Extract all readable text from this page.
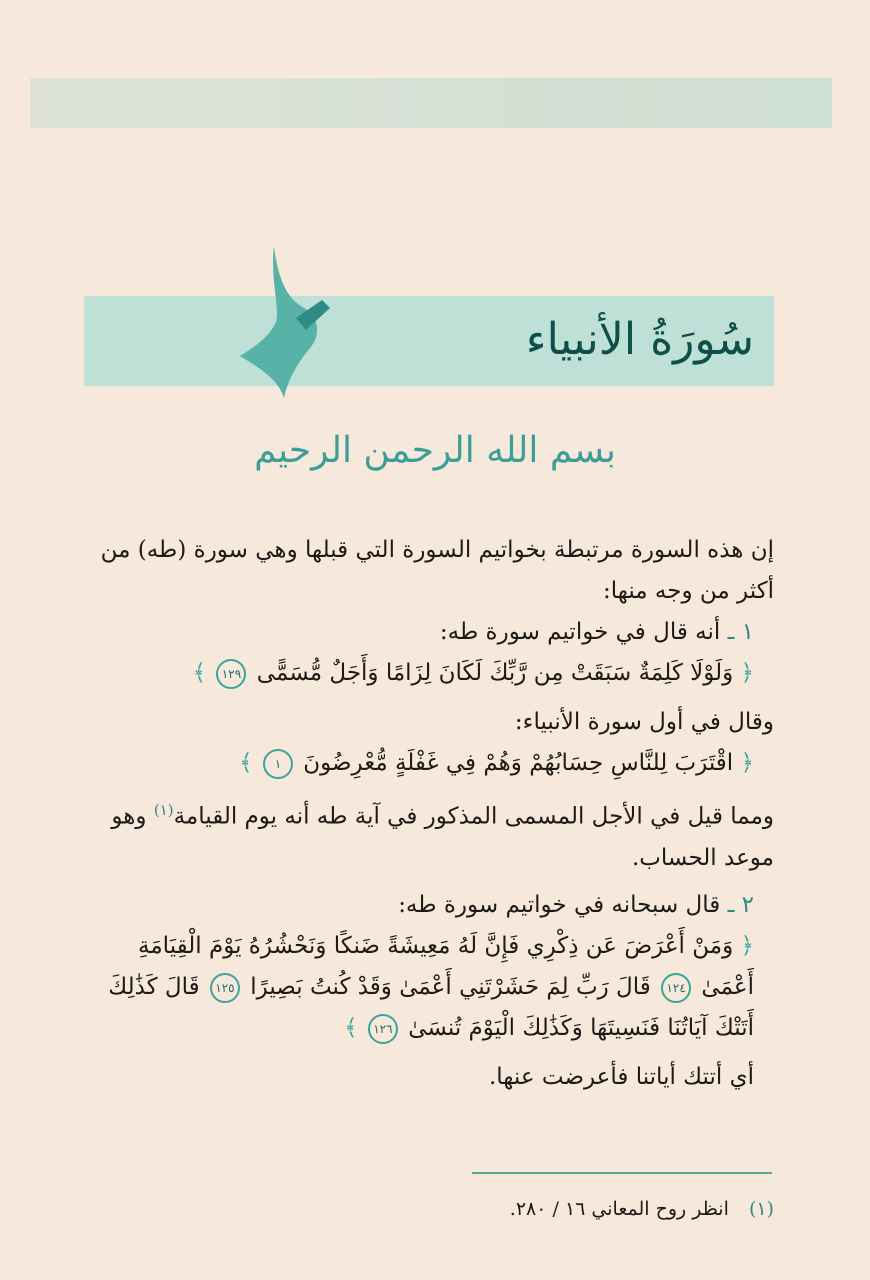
سُورَةُ الأنبياء
بسم الله الرحمن الرحيم

إن هذه السورة مرتبطة بخواتيم السورة التي قبلها وهي سورة (طه) من أكثر من وجه منها:

١ ـ أنه قال في خواتيم سورة طه:

﴿ وَلَوْلَا كَلِمَةٌ سَبَقَتْ مِن رَّبِّكَ لَكَانَ لِزَامًا وَأَجَلٌ مُّسَمًّى ١٢٩ ﴾

وقال في أول سورة الأنبياء:

﴿ اقْتَرَبَ لِلنَّاسِ حِسَابُهُمْ وَهُمْ فِي غَفْلَةٍ مُّعْرِضُونَ ١ ﴾

ومما قيل في الأجل المسمى المذكور في آية طه أنه يوم القيامة$^{(١)}$ وهو موعد الحساب.

٢ ـ قال سبحانه في خواتيم سورة طه:

﴿ وَمَنْ أَعْرَضَ عَن ذِكْرِي فَإِنَّ لَهُ مَعِيشَةً ضَنكًا وَنَحْشُرُهُ يَوْمَ الْقِيَامَةِ أَعْمَىٰ ١٢٤ قَالَ رَبِّ لِمَ حَشَرْتَنِي أَعْمَىٰ وَقَدْ كُنتُ بَصِيرًا ١٢٥ قَالَ كَذَٰلِكَ أَتَتْكَ آيَاتُنَا فَنَسِيتَهَا وَكَذَٰلِكَ الْيَوْمَ تُنسَىٰ ١٢٦ ﴾

أي أتتك أياتنا فأعرضت عنها.

(١) انظر روح المعاني ١٦ / ٢٨٠.
